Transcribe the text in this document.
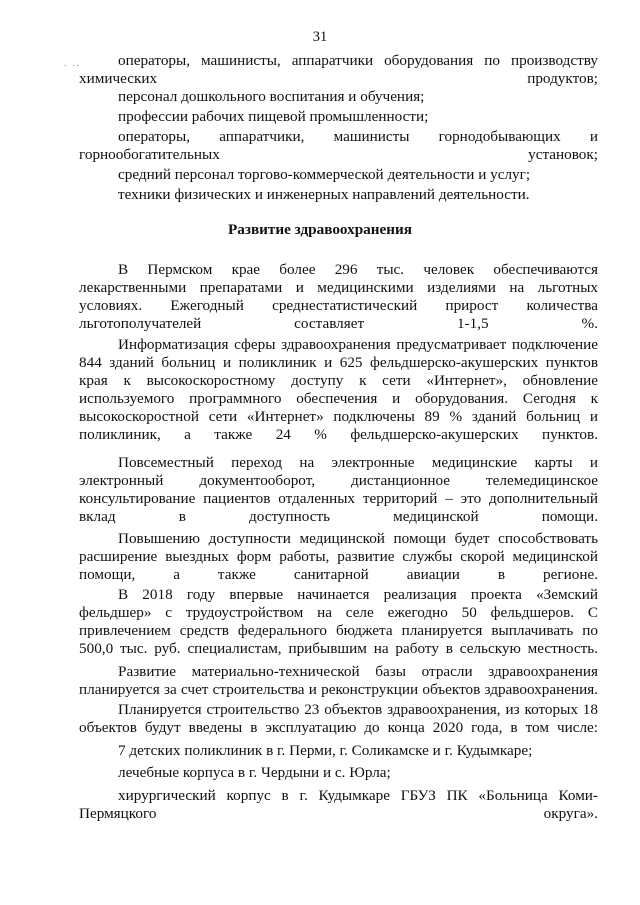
31
. ..	операторы, машинисты, аппаратчики оборудования по производству химических продуктов;
персонал дошкольного воспитания и обучения;
профессии рабочих пищевой промышленности;
операторы, аппаратчики, машинисты горнодобывающих и горнообогатительных установок;
средний персонал торгово-коммерческой деятельности и услуг;
техники физических и инженерных направлений деятельности.
Развитие здравоохранения
В Пермском крае более 296 тыс. человек обеспечиваются лекарственными препаратами и медицинскими изделиями на льготных условиях. Ежегодный среднестатистический прирост количества льготополучателей составляет 1-1,5 %.
Информатизация сферы здравоохранения предусматривает подключение 844 зданий больниц и поликлиник и 625 фельдшерско-акушерских пунктов края к высокоскоростному доступу к сети «Интернет», обновление используемого программного обеспечения и оборудования. Сегодня к высокоскоростной сети «Интернет» подключены 89 % зданий больниц и поликлиник, а также 24 % фельдшерско-акушерских пунктов.
Повсеместный переход на электронные медицинские карты и электронный документооборот, дистанционное телемедицинское консультирование пациентов отдаленных территорий – это дополнительный вклад в доступность медицинской помощи.
Повышению доступности медицинской помощи будет способствовать расширение выездных форм работы, развитие службы скорой медицинской помощи, а также санитарной авиации в регионе.
В 2018 году впервые начинается реализация проекта «Земский фельдшер» с трудоустройством на селе ежегодно 50 фельдшеров. С привлечением средств федерального бюджета планируется выплачивать по 500,0 тыс. руб. специалистам, прибывшим на работу в сельскую местность.
Развитие материально-технической базы отрасли здравоохранения планируется за счет строительства и реконструкции объектов здравоохранения.
Планируется строительство 23 объектов здравоохранения, из которых 18 объектов будут введены в эксплуатацию до конца 2020 года, в том числе:
7 детских поликлиник в г. Перми, г. Соликамске и г. Кудымкаре;
лечебные корпуса в г. Чердыни и с. Юрла;
хирургический корпус в г. Кудымкаре ГБУЗ ПК «Больница Коми-Пермяцкого округа».
